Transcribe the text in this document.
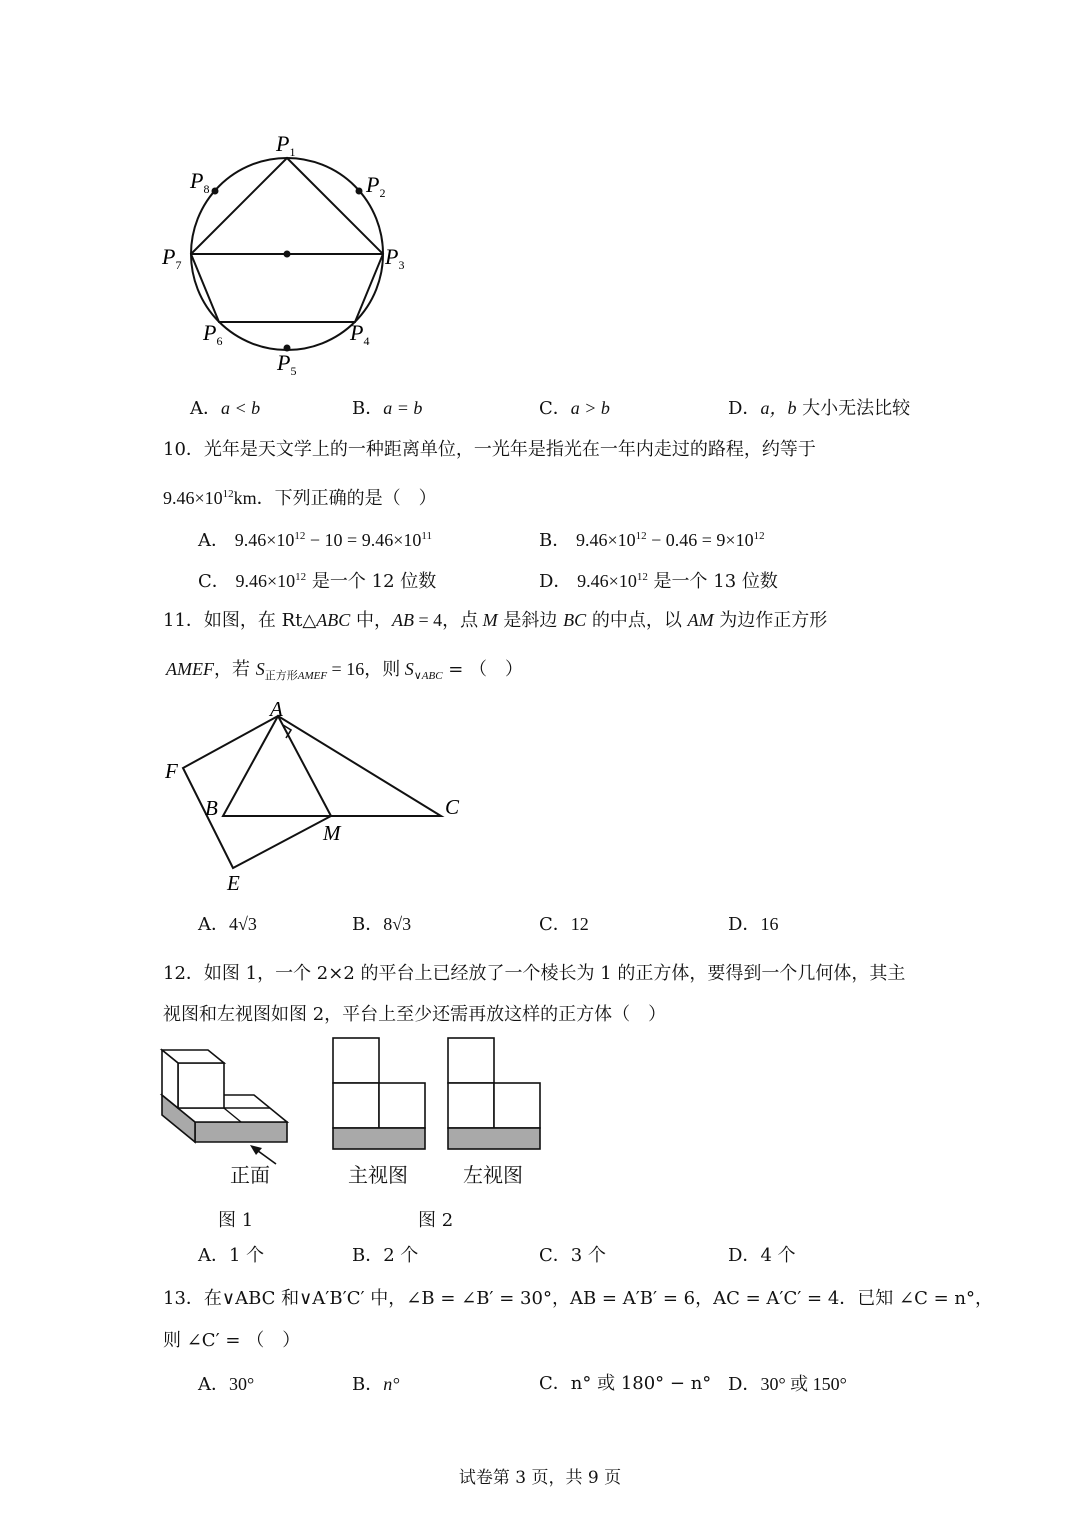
$P_1$
$P_2$
$P_3$
$P_4$
$P_5$
$P_6$
$P_7$
$P_8$
A．a < b	B．a = b	C．a > b	D．a，b 大小无法比较
10．光年是天文学上的一种距离单位，一光年是指光在一年内走过的路程，约等于
$9.46\times 10^{12}km$．下列正确的是（　）
A． $9.46\times 10^{12} - 10 = 9.46\times 10^{11}$	B． $9.46\times 10^{12} - 0.46 = 9\times 10^{12}$
C． $9.46\times 10^{12}$ 是一个 12 位数	D． $9.46\times 10^{12}$ 是一个 13 位数
11．如图，在 Rt△ABC 中，AB = 4，点 M 是斜边 BC 的中点，以 AM 为边作正方形
AMEF，若 $S_{正方形AMEF} = 16$，则 $S_{\vee ABC}$ = （　）
A
F
B	C
M
E
A．4√3	B．8√3	C．12	D．16
12．如图 1，一个 2×2 的平台上已经放了一个棱长为 1 的正方体，要得到一个几何体，其主
视图和左视图如图 2，平台上至少还需再放这样的正方体（　）
正面	主视图	左视图
图 1	图 2
A．1 个	B．2 个	C．3 个	D．4 个
13．在∨ABC 和∨A′B′C′ 中，∠B = ∠B′ = 30°，AB = A′B′ = 6，AC = A′C′ = 4．已知 ∠C = n°，
则 ∠C′ = （　）
A．30°	B．n°	C．n° 或 180° − n° D．30° 或 150°
试卷第 3 页，共 9 页
